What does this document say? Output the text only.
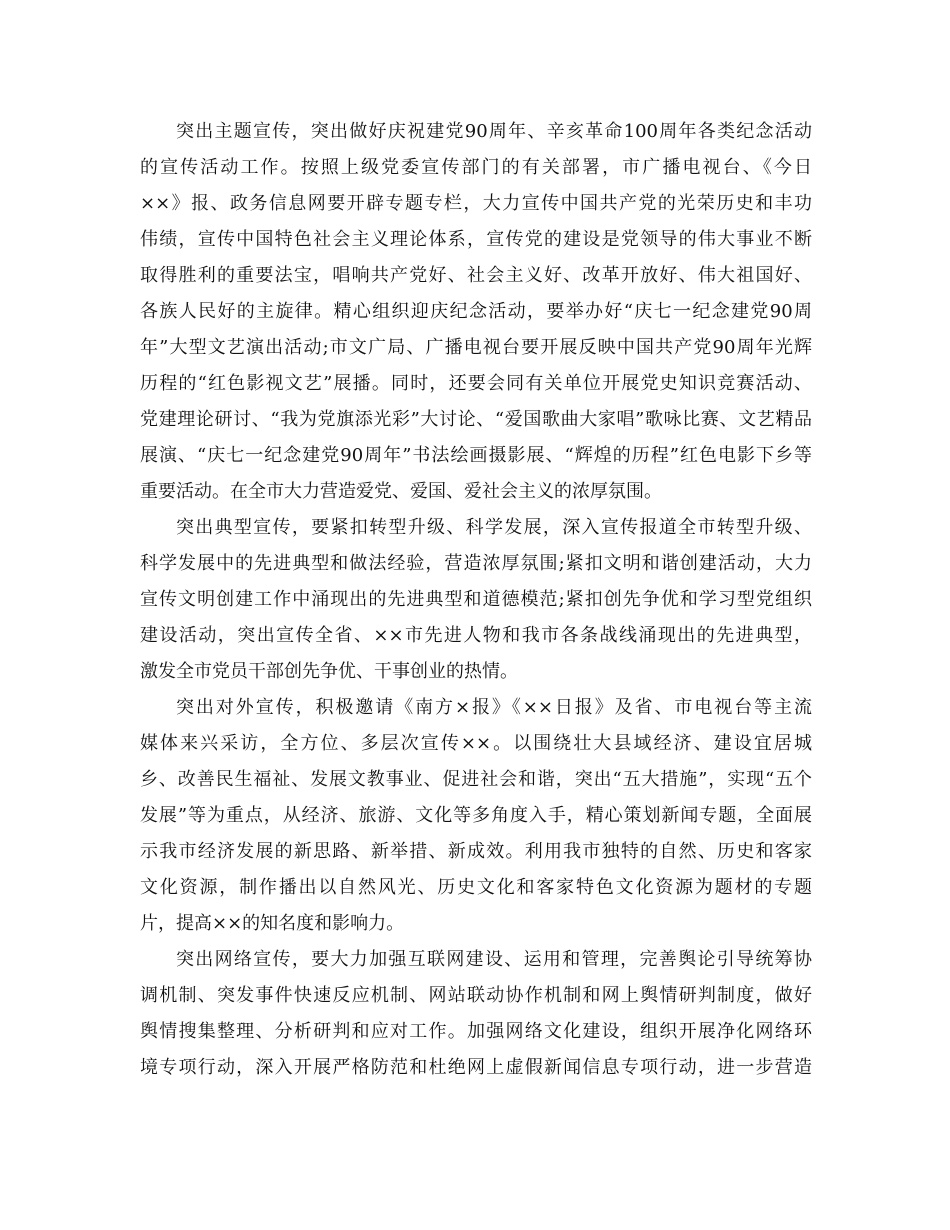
突出主题宣传，突出做好庆祝建党90周年、辛亥革命100周年各类纪念活动
的宣传活动工作。按照上级党委宣传部门的有关部署，市广播电视台、《今日
××》报、政务信息网要开辟专题专栏，大力宣传中国共产党的光荣历史和丰功
伟绩，宣传中国特色社会主义理论体系，宣传党的建设是党领导的伟大事业不断
取得胜利的重要法宝，唱响共产党好、社会主义好、改革开放好、伟大祖国好、
各族人民好的主旋律。精心组织迎庆纪念活动，要举办好“庆七一纪念建党90周
年”大型文艺演出活动;市文广局、广播电视台要开展反映中国共产党90周年光辉
历程的“红色影视文艺”展播。同时，还要会同有关单位开展党史知识竞赛活动、
党建理论研讨、“我为党旗添光彩”大讨论、“爱国歌曲大家唱”歌咏比赛、文艺精品
展演、“庆七一纪念建党90周年”书法绘画摄影展、“辉煌的历程”红色电影下乡等
重要活动。在全市大力营造爱党、爱国、爱社会主义的浓厚氛围。
突出典型宣传，要紧扣转型升级、科学发展，深入宣传报道全市转型升级、
科学发展中的先进典型和做法经验，营造浓厚氛围;紧扣文明和谐创建活动，大力
宣传文明创建工作中涌现出的先进典型和道德模范;紧扣创先争优和学习型党组织
建设活动，突出宣传全省、××市先进人物和我市各条战线涌现出的先进典型，
激发全市党员干部创先争优、干事创业的热情。
突出对外宣传，积极邀请《南方×报》《××日报》及省、市电视台等主流
媒体来兴采访，全方位、多层次宣传××。以围绕壮大县域经济、建设宜居城
乡、改善民生福祉、发展文教事业、促进社会和谐，突出“五大措施”，实现“五个
发展”等为重点，从经济、旅游、文化等多角度入手，精心策划新闻专题，全面展
示我市经济发展的新思路、新举措、新成效。利用我市独特的自然、历史和客家
文化资源，制作播出以自然风光、历史文化和客家特色文化资源为题材的专题
片，提高××的知名度和影响力。
突出网络宣传，要大力加强互联网建设、运用和管理，完善舆论引导统筹协
调机制、突发事件快速反应机制、网站联动协作机制和网上舆情研判制度，做好
舆情搜集整理、分析研判和应对工作。加强网络文化建设，组织开展净化网络环
境专项行动，深入开展严格防范和杜绝网上虚假新闻信息专项行动，进一步营造
